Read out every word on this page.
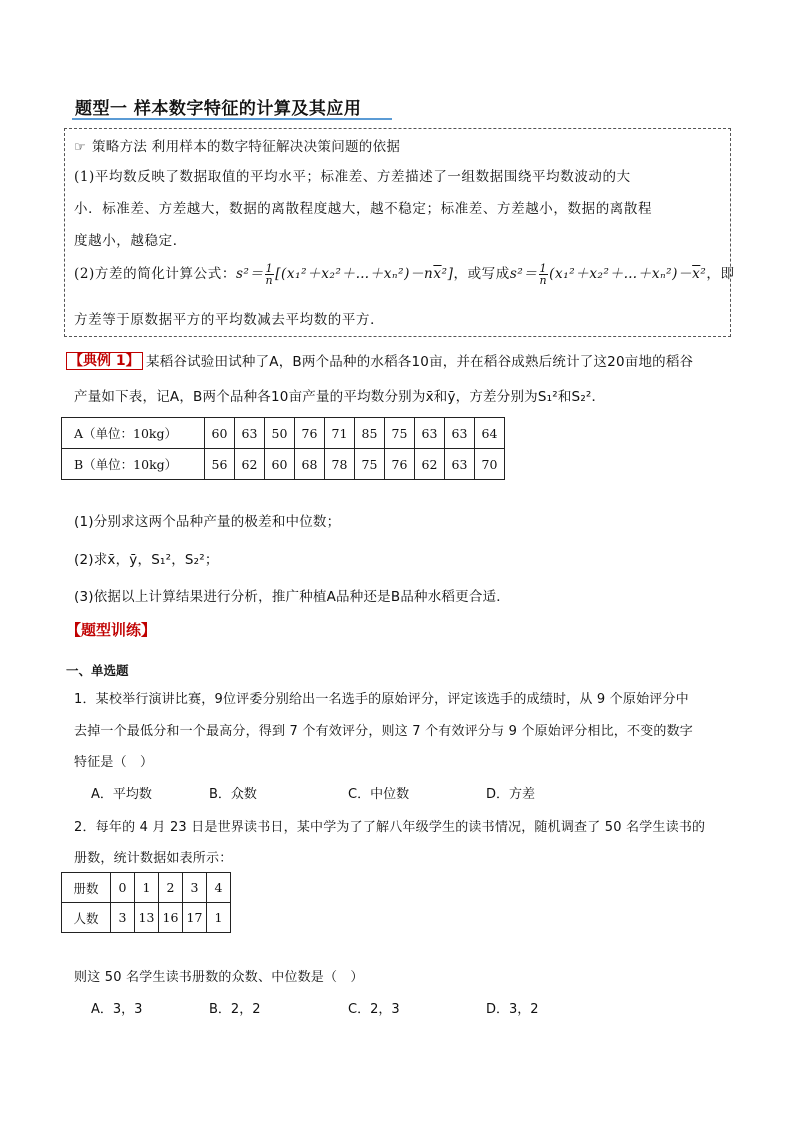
题型一 样本数字特征的计算及其应用
☞ 策略方法 利用样本的数字特征解决决策问题的依据
(1)平均数反映了数据取值的平均水平；标准差、方差描述了一组数据围绕平均数波动的大
小．标准差、方差越大，数据的离散程度越大，越不稳定；标准差、方差越小，数据的离散程
度越小，越稳定．
(2)方差的简化计算公式：$s^2= \frac{1}{n}$ $[(x_1^2+x_2^2+\dots+x_n^2)-n\overline{x}^2]$，或写成$s^2= \frac{1}{n}$ $(x_1^2+x_2^2+\dots+x_n^2)-\overline{x}^2$，即
方差等于原数据平方的平均数减去平均数的平方．
【典例 1】 某稻谷试验田试种了A，B两个品种的水稻各10亩，并在稻谷成熟后统计了这20亩地的稻谷
产量如下表，记A，B两个品种各10亩产量的平均数分别为x̄和ȳ，方差分别为S₁²和S₂²．
A（单位：10kg）	60	63	50	76	71	85	75	63	63	64
B（单位：10kg）	56	62	60	68	78	75	76	62	63	70
(1)分别求这两个品种产量的极差和中位数；
(2)求x̄，ȳ，S₁²，S₂²；
(3)依据以上计算结果进行分析，推广种植A品种还是B品种水稻更合适．
【题型训练】
一、单选题
1．某校举行演讲比赛，9位评委分别给出一名选手的原始评分，评定该选手的成绩时，从 9 个原始评分中
去掉一个最低分和一个最高分，得到 7 个有效评分，则这 7 个有效评分与 9 个原始评分相比，不变的数字
特征是（　）
A．平均数	B．众数	C．中位数	D．方差
2．每年的 4 月 23 日是世界读书日，某中学为了了解八年级学生的读书情况，随机调查了 50 名学生读书的
册数，统计数据如表所示：
册数	0	1	2	3	4
人数	3	13	16	17	1
则这 50 名学生读书册数的众数、中位数是（　）
A．3，3	B．2，2	C．2，3	D．3，2
